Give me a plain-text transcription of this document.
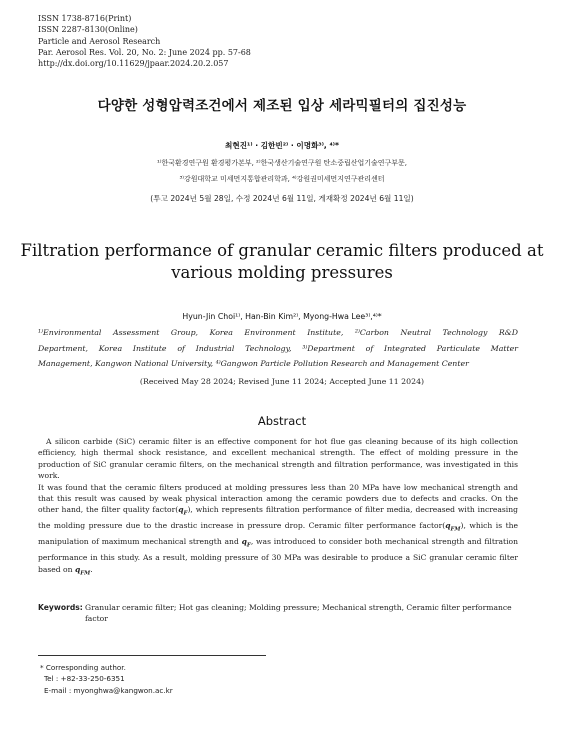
ISSN 1738-8716(Print)
ISSN 2287-8130(Online)
Particle and Aerosol Research
Par. Aerosol Res. Vol. 20, No. 2: June 2024 pp. 57-68
http://dx.doi.org/10.11629/jpaar.2024.20.2.057
다양한 성형압력조건에서 제조된 입상 세라믹필터의 집진성능
최현진¹⁾ · 김한빈²⁾ · 이명화³⁾, ⁴⁾*
¹⁾한국환경연구원 환경평가본부, ²⁾한국생산기술연구원 탄소중립산업기술연구부문,
³⁾강원대학교 미세먼지통합관리학과, ⁴⁾강원권미세먼지연구관리센터
(투고 2024년 5월 28일, 수정 2024년 6월 11일, 게재확정 2024년 6월 11일)
Filtration performance of granular ceramic filters produced at
various molding pressures
Hyun-Jin Choi¹⁾, Han-Bin Kim²⁾, Myong-Hwa Lee³⁾,⁴⁾*
¹⁾Environmental Assessment Group, Korea Environment Institute, ²⁾Carbon Neutral Technology R&D
Department, Korea Institute of Industrial Technology, ³⁾Department of Integrated Particulate Matter
Management, Kangwon National University, ⁴⁾Gangwon Particle Pollution Research and Management Center
(Received May 28 2024; Revised June 11 2024; Accepted June 11 2024)
Abstract

A silicon carbide (SiC) ceramic filter is an effective component for hot flue gas cleaning because of its high collection efficiency, high thermal shock resistance, and excellent mechanical strength. The effect of molding pressure in the production of SiC granular ceramic filters, on the mechanical strength and filtration performance, was investigated in this work.

It was found that the ceramic filters produced at molding pressures less than 20 MPa have low mechanical strength and that this result was caused by weak physical interaction among the ceramic powders due to defects and cracks. On the other hand, the filter quality $factor(q_F)$, which represents filtration performance of filter media, decreased with increasing the molding pressure due to the drastic increase in pressure drop. Ceramic filter performance $factor(q_{FM})$, which is the manipulation of maximum mechanical strength and $q_F$, was introduced to consider both mechanical strength and filtration performance in this study. As a result, molding pressure of 30 MPa was desirable to produce a SiC granular ceramic filter based on $q_{FM}$.

Keywords: Granular ceramic filter; Hot gas cleaning; Molding pressure; Mechanical strength, Ceramic filter performance factor
* Corresponding author.
Tel : +82-33-250-6351
E-mail : myonghwa@kangwon.ac.kr
